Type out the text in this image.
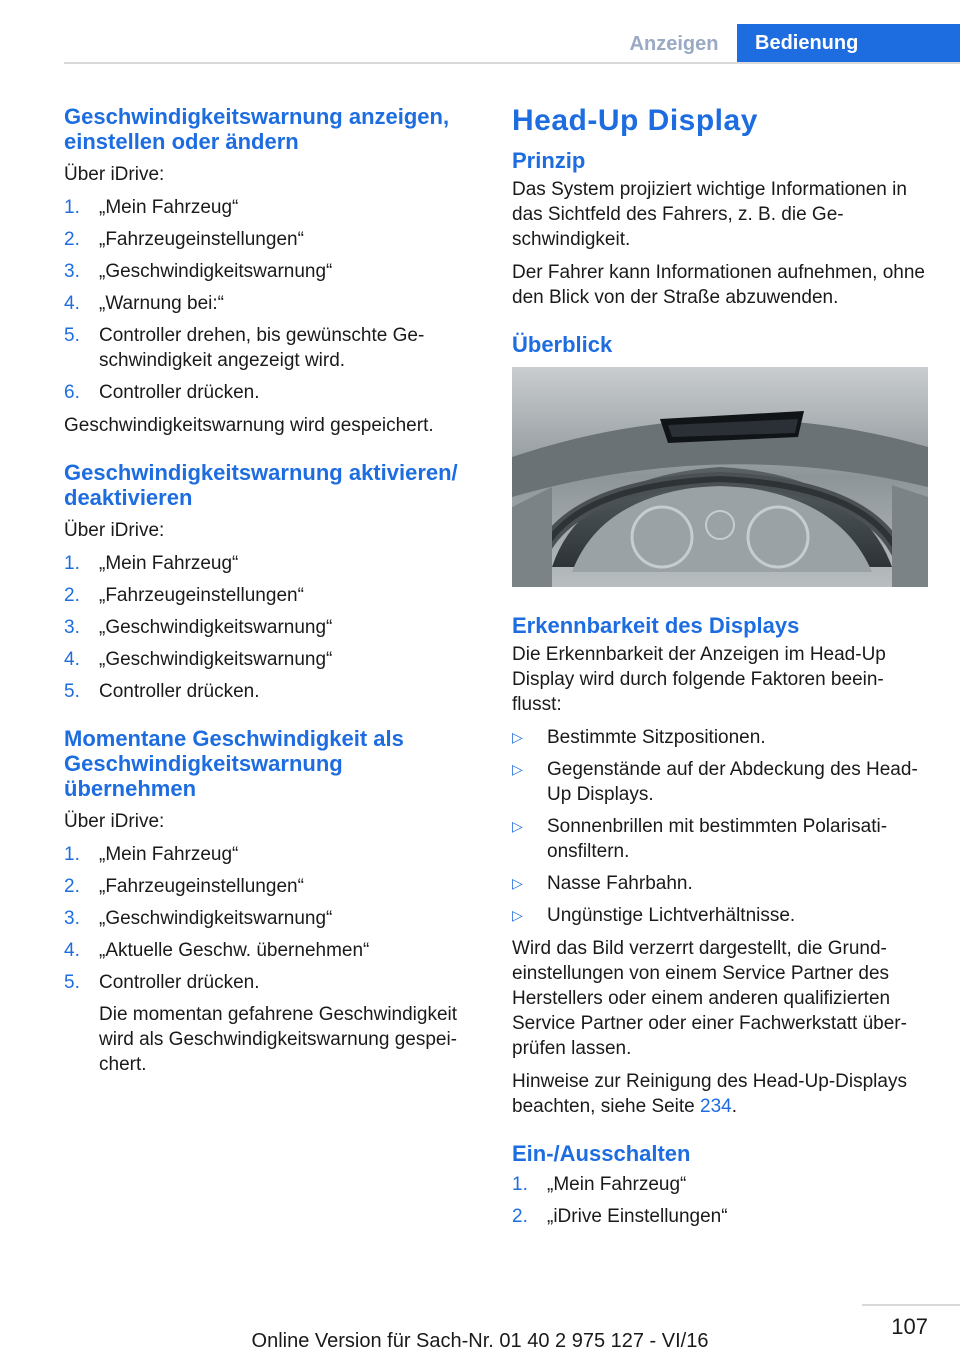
Anzeigen	Bedienung
Geschwindigkeitswarnung anzeigen, einstellen oder ändern

Über iDrive:

1. „Mein Fahrzeug“
2. „Fahrzeugeinstellungen“
3. „Geschwindigkeitswarnung“
4. „Warnung bei:“
5. Controller drehen, bis gewünschte Ge‐ schwindigkeit angezeigt wird.
6. Controller drücken.

Geschwindigkeitswarnung wird gespeichert.

Geschwindigkeitswarnung aktivieren/ deaktivieren

Über iDrive:

1. „Mein Fahrzeug“
2. „Fahrzeugeinstellungen“
3. „Geschwindigkeitswarnung“
4. „Geschwindigkeitswarnung“
5. Controller drücken.
Momentane Geschwindigkeit als Geschwindigkeitswarnung übernehmen

Über iDrive:

1. „Mein Fahrzeug“
2. „Fahrzeugeinstellungen“
3. „Geschwindigkeitswarnung“
4. „Aktuelle Geschw. übernehmen“
5. Controller drücken.
Die momentan gefahrene Geschwindigkeit wird als Geschwindigkeitswarnung gespei‐ chert.
Head-Up Display
Prinzip

Das System projiziert wichtige Informationen in das Sichtfeld des Fahrers, z. B. die Ge‐ schwindigkeit.

Der Fahrer kann Informationen aufnehmen, ohne den Blick von der Straße abzuwenden.

Überblick
Erkennbarkeit des Displays

Die Erkennbarkeit der Anzeigen im Head-Up Display wird durch folgende Faktoren beein‐ flusst:

▷ Bestimmte Sitzpositionen.
▷ Gegenstände auf der Abdeckung des Head-Up Displays.
▷ Sonnenbrillen mit bestimmten Polarisati‐ onsfiltern.
▷ Nasse Fahrbahn.
▷ Ungünstige Lichtverhältnisse.

Wird das Bild verzerrt dargestellt, die Grund‐ einstellungen von einem Service Partner des Herstellers oder einem anderen qualifizierten Service Partner oder einer Fachwerkstatt über‐ prüfen lassen.

Hinweise zur Reinigung des Head-Up-Displays beachten, siehe Seite 234.

Ein-/Ausschalten
1. „Mein Fahrzeug“
2. „iDrive Einstellungen“
107
Online Version für Sach-Nr. 01 40 2 975 127 - VI/16
